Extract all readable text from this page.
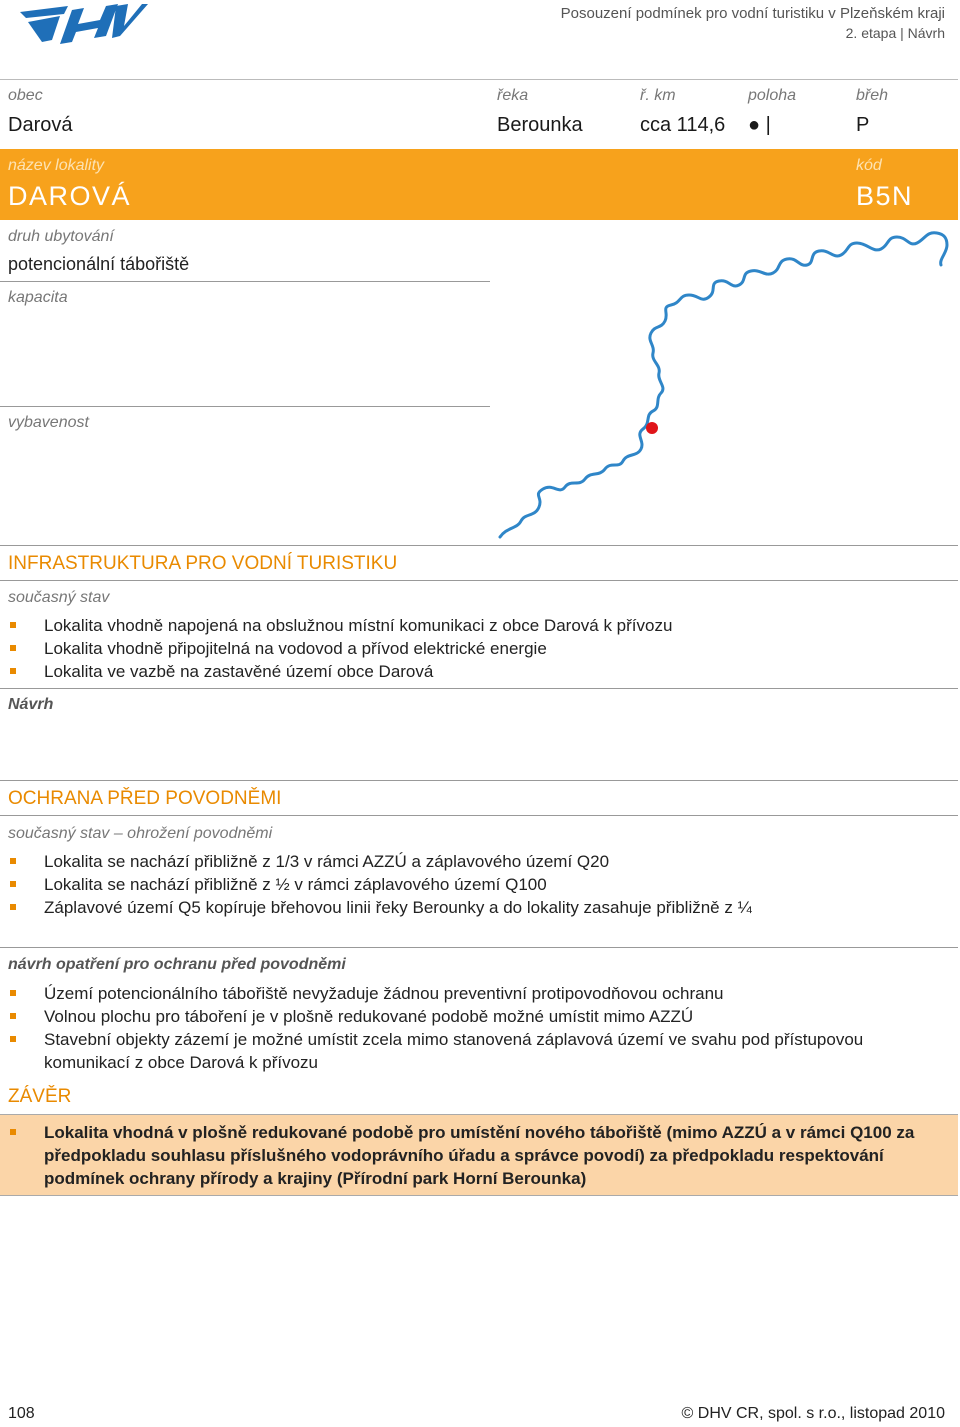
Posouzení podmínek pro vodní turistiku v Plzeňském kraji
2. etapa | Návrh
obec
Darová
řeka
Berounka
ř. km
cca 114,6
poloha
● |
břeh
P
název lokality
DAROVÁ
kód
B5N
druh ubytování
potencionální tábořiště
kapacita
vybavenost
INFRASTRUKTURA PRO VODNÍ TURISTIKU
současný stav
Lokalita vhodně napojená na obslužnou místní komunikaci z obce Darová k přívozu
Lokalita vhodně připojitelná na vodovod a přívod elektrické energie
Lokalita ve vazbě na zastavěné území obce Darová
Návrh
OCHRANA PŘED POVODNĚMI
současný stav – ohrožení povodněmi
Lokalita se nachází přibližně z 1/3 v rámci AZZÚ a záplavového území Q20
Lokalita se nachází přibližně z ½ v rámci záplavového území Q100
Záplavové území Q5 kopíruje břehovou linii řeky Berounky a do lokality zasahuje přibližně z ¼
návrh opatření pro ochranu před povodněmi
Území potencionálního tábořiště nevyžaduje žádnou preventivní protipovodňovou ochranu
Volnou plochu pro táboření je v plošně redukované podobě možné umístit mimo AZZÚ
Stavební objekty zázemí je možné umístit zcela mimo stanovená záplavová území ve svahu pod přístupovou komunikací z obce Darová k přívozu
ZÁVĚR
Lokalita vhodná v plošně redukované podobě pro umístění nového tábořiště (mimo AZZÚ a v rámci Q100 za předpokladu souhlasu příslušného vodoprávního úřadu a správce povodí) za předpokladu respektování podmínek ochrany přírody a krajiny (Přírodní park Horní Berounka)
108	© DHV CR, spol. s r.o., listopad 2010
